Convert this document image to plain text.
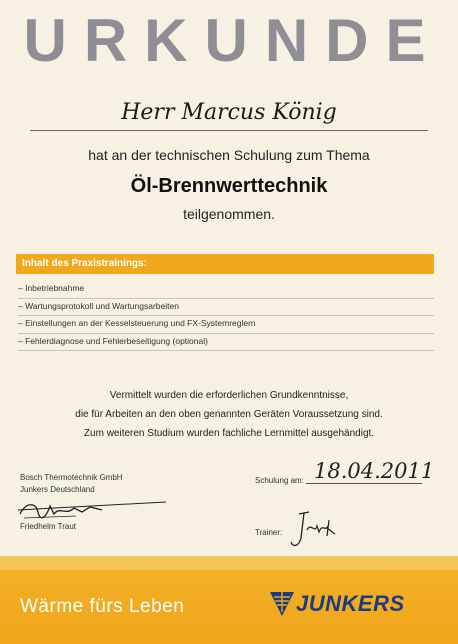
URKUNDE
Herr Marcus König
hat an der technischen Schulung zum Thema
Öl-Brennwerttechnik
teilgenommen.
Inhalt des Praxistrainings:
– Inbetriebnahme
– Wartungsprotokoll und Wartungsarbeiten
– Einstellungen an der Kesselsteuerung und FX-Systemreglern
– Fehlerdiagnose und Fehlerbeseitigung (optional)
Vermittelt wurden die erforderlichen Grundkenntnisse,
die für Arbeiten an den oben genannten Geräten Voraussetzung sind.
Zum weiteren Studium wurden fachliche Lernmittel ausgehändigt.
Bosch Thermotechnik GmbH
Junkers Deutschland
Friedhelm Traut
Schulung am: 18.04.2011
Trainer:
Wärme fürs Leben	JUNKERS
